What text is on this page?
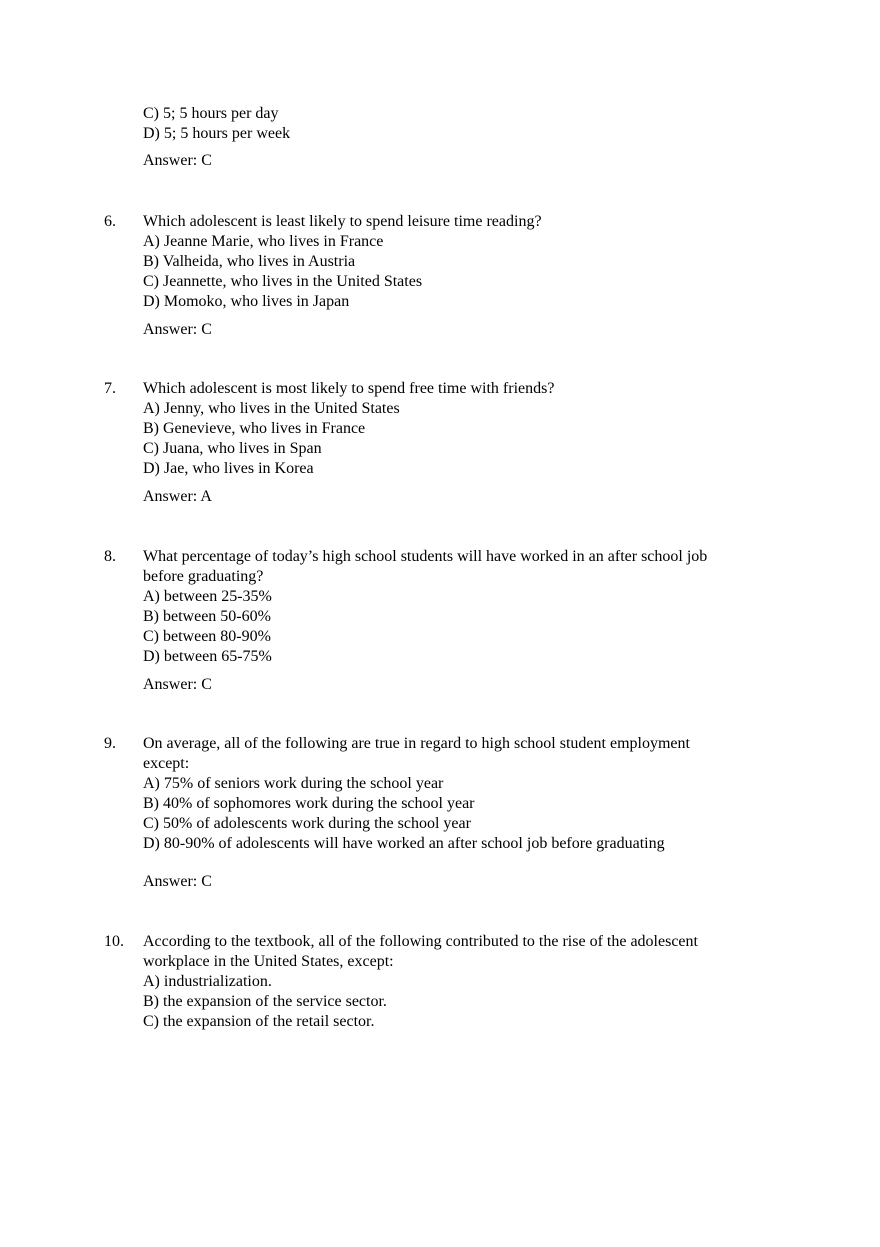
C) 5; 5 hours per day
D) 5; 5 hours per week
Answer: C
6. Which adolescent is least likely to spend leisure time reading?
A) Jeanne Marie, who lives in France
B) Valheida, who lives in Austria
C) Jeannette, who lives in the United States
D) Momoko, who lives in Japan
Answer: C
7. Which adolescent is most likely to spend free time with friends?
A) Jenny, who lives in the United States
B) Genevieve, who lives in France
C) Juana, who lives in Span
D) Jae, who lives in Korea
Answer: A
8. What percentage of today’s high school students will have worked in an after school job
before graduating?
A) between 25-35%
B) between 50-60%
C) between 80-90%
D) between 65-75%
Answer: C
9. On average, all of the following are true in regard to high school student employment
except:
A) 75% of seniors work during the school year
B) 40% of sophomores work during the school year
C) 50% of adolescents work during the school year
D) 80-90% of adolescents will have worked an after school job before graduating
Answer: C
10. According to the textbook, all of the following contributed to the rise of the adolescent
workplace in the United States, except:
A) industrialization.
B) the expansion of the service sector.
C) the expansion of the retail sector.
